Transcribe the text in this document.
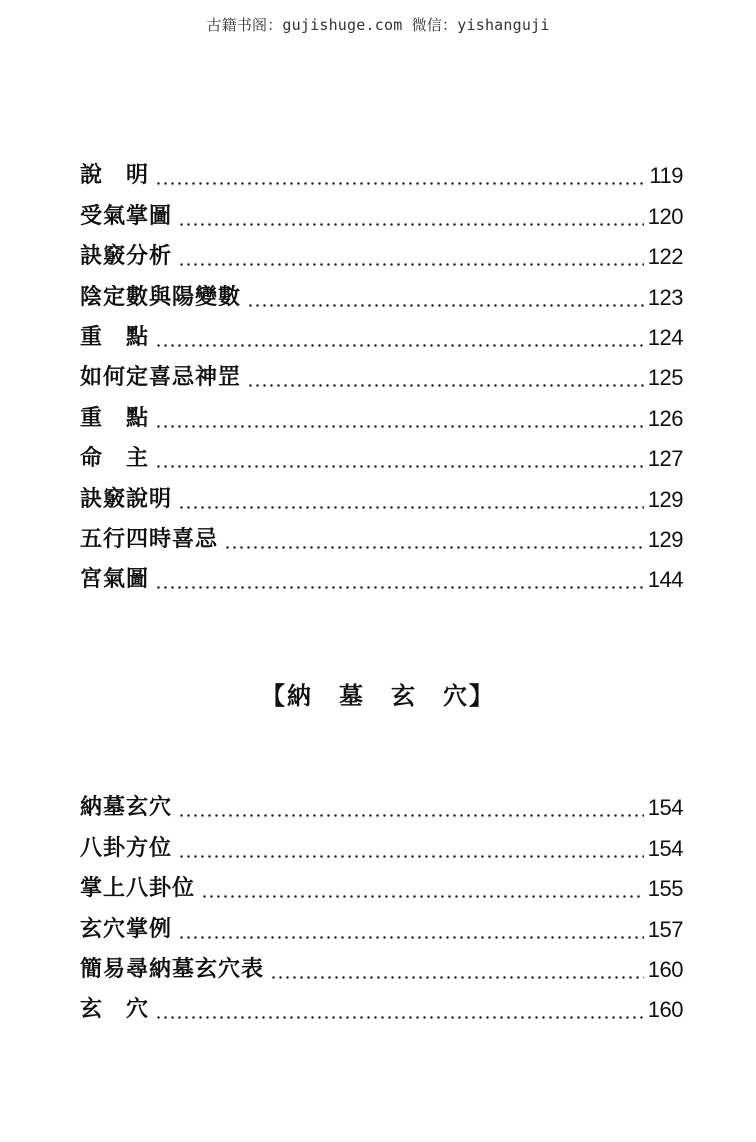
古籍书阁：gujishuge.com 微信：yishanguji
說　明	119
受氣掌圖	120
訣竅分析	122
陰定數與陽變數	123
重　點	124
如何定喜忌神罡	125
重　點	126
命　主	127
訣竅說明	129
五行四時喜忌	129
宮氣圖	144
【納　墓　玄　穴】
納墓玄穴	154
八卦方位	154
掌上八卦位	155
玄穴掌例	157
簡易尋納墓玄穴表	160
玄　穴	160
